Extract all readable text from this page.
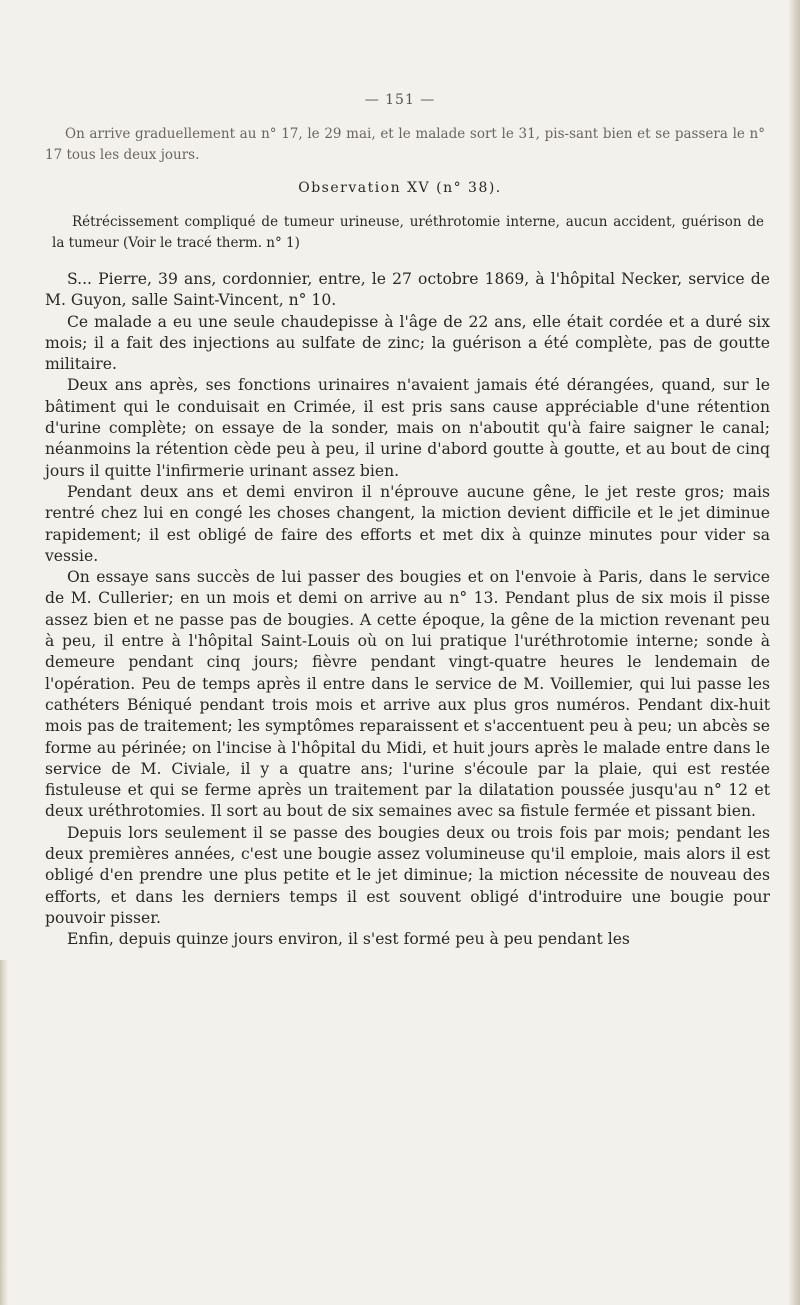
— 151 —
On arrive graduellement au n° 17, le 29 mai, et le malade sort le 31, pis-sant bien et se passera le n° 17 tous les deux jours.
Observation XV (n° 38).
Rétrécissement compliqué de tumeur urineuse, uréthrotomie interne, aucun accident, guérison de la tumeur (Voir le tracé therm. n° 1)

S... Pierre, 39 ans, cordonnier, entre, le 27 octobre 1869, à l'hôpital Necker, service de M. Guyon, salle Saint-Vincent, n° 10.

Ce malade a eu une seule chaudepisse à l'âge de 22 ans, elle était cordée et a duré six mois; il a fait des injections au sulfate de zinc; la guérison a été complète, pas de goutte militaire.

Deux ans après, ses fonctions urinaires n'avaient jamais été dérangées, quand, sur le bâtiment qui le conduisait en Crimée, il est pris sans cause appréciable d'une rétention d'urine complète; on essaye de la sonder, mais on n'aboutit qu'à faire saigner le canal; néanmoins la rétention cède peu à peu, il urine d'abord goutte à goutte, et au bout de cinq jours il quitte l'infirmerie urinant assez bien.

Pendant deux ans et demi environ il n'éprouve aucune gêne, le jet reste gros; mais rentré chez lui en congé les choses changent, la miction devient difficile et le jet diminue rapidement; il est obligé de faire des efforts et met dix à quinze minutes pour vider sa vessie.

On essaye sans succès de lui passer des bougies et on l'envoie à Paris, dans le service de M. Cullerier; en un mois et demi on arrive au n° 13. Pendant plus de six mois il pisse assez bien et ne passe pas de bougies. A cette époque, la gêne de la miction revenant peu à peu, il entre à l'hôpital Saint-Louis où on lui pratique l'uréthrotomie interne; sonde à demeure pendant cinq jours; fièvre pendant vingt-quatre heures le lendemain de l'opération. Peu de temps après il entre dans le service de M. Voillemier, qui lui passe les cathéters Béniqué pendant trois mois et arrive aux plus gros numéros. Pendant dix-huit mois pas de traitement; les symptômes reparaissent et s'accentuent peu à peu; un abcès se forme au périnée; on l'incise à l'hôpital du Midi, et huit jours après le malade entre dans le service de M. Civiale, il y a quatre ans; l'urine s'écoule par la plaie, qui est restée fistuleuse et qui se ferme après un traitement par la dilatation poussée jusqu'au n° 12 et deux uréthrotomies. Il sort au bout de six semaines avec sa fistule fermée et pissant bien.

Depuis lors seulement il se passe des bougies deux ou trois fois par mois; pendant les deux premières années, c'est une bougie assez volumineuse qu'il emploie, mais alors il est obligé d'en prendre une plus petite et le jet diminue; la miction nécessite de nouveau des efforts, et dans les derniers temps il est souvent obligé d'introduire une bougie pour pouvoir pisser.

Enfin, depuis quinze jours environ, il s'est formé peu à peu pendant les
